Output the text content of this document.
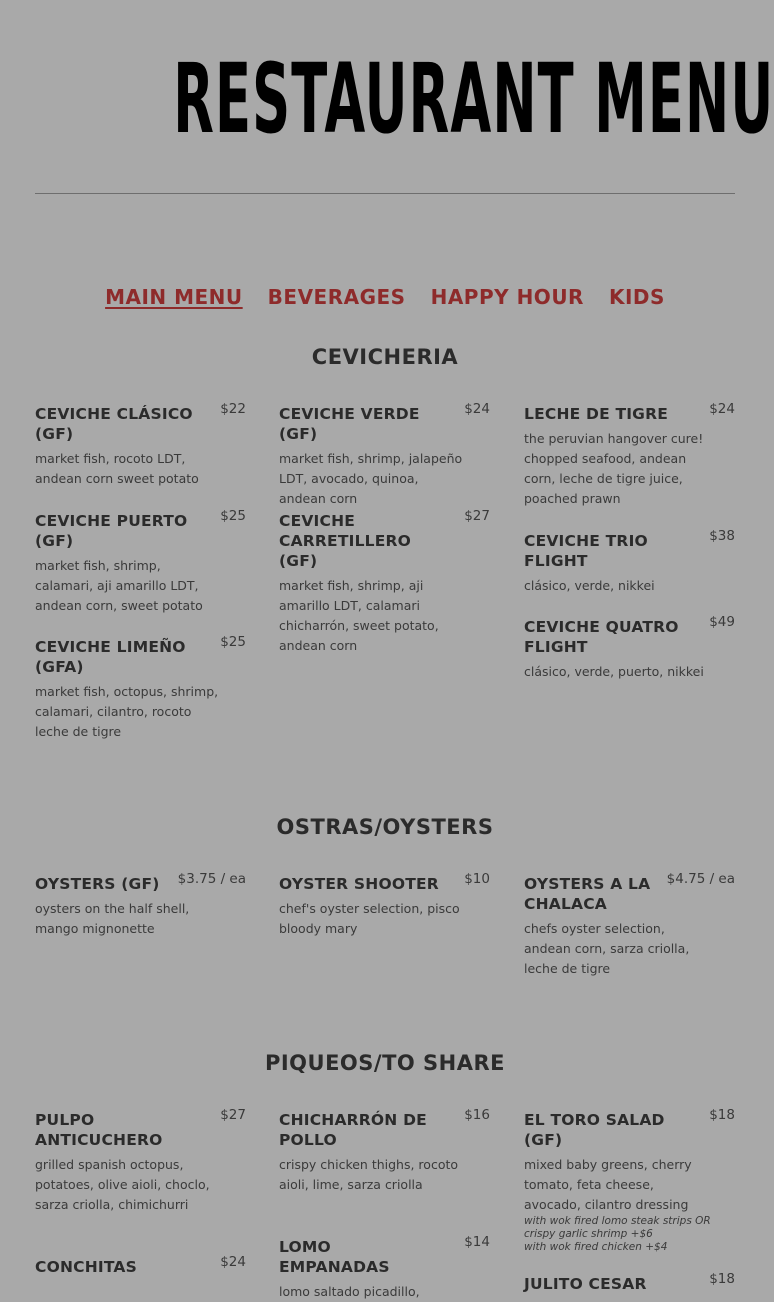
RESTAURANT MENU
MAIN MENU BEVERAGES HAPPY HOUR KIDS
CEVICHERIA
CEVICHE CLÁSICO (GF)
$22
market fish, rocoto LDT, andean corn sweet potato
CEVICHE PUERTO (GF)
$25
market fish, shrimp, calamari, aji amarillo LDT, andean corn, sweet potato
CEVICHE LIMEÑO (GFA)
$25
market fish, octopus, shrimp, calamari, cilantro, rocoto leche de tigre
CEVICHE VERDE (GF)
$24
market fish, shrimp, jalapeño LDT, avocado, quinoa, andean corn
CEVICHE CARRETILLERO (GF)
$27
market fish, shrimp, aji amarillo LDT, calamari chicharrón, sweet potato, andean corn
LECHE DE TIGRE	$24
the peruvian hangover cure! chopped seafood, andean corn, leche de tigre juice, poached prawn
CEVICHE TRIO FLIGHT
$38
clásico, verde, nikkei
CEVICHE QUATRO FLIGHT
$49
clásico, verde, puerto, nikkei
OSTRAS/OYSTERS
OYSTERS (GF)	$3.75 / ea
oysters on the half shell, mango mignonette
OYSTER SHOOTER $10
chef's oyster selection, pisco bloody mary
OYSTERS A LA CHALACA
$4.75 / ea
chefs oyster selection, andean corn, sarza criolla, leche de tigre
PIQUEOS/TO SHARE
PULPO ANTICUCHERO
$27
grilled spanish octopus, potatoes, olive aioli, choclo, sarza criolla, chimichurri
CONCHITAS	$24
CHICHARRÓN DE POLLO
$16
crispy chicken thighs, rocoto aioli, lime, sarza criolla
LOMO EMPANADAS
$14
lomo saltado picadillo,
EL TORO SALAD (GF)
$18
mixed baby greens, cherry tomato, feta cheese, avocado, cilantro dressing
with wok fired lomo steak strips OR crispy garlic shrimp +$6
with wok fired chicken +$4
JULITO CESAR	$18
